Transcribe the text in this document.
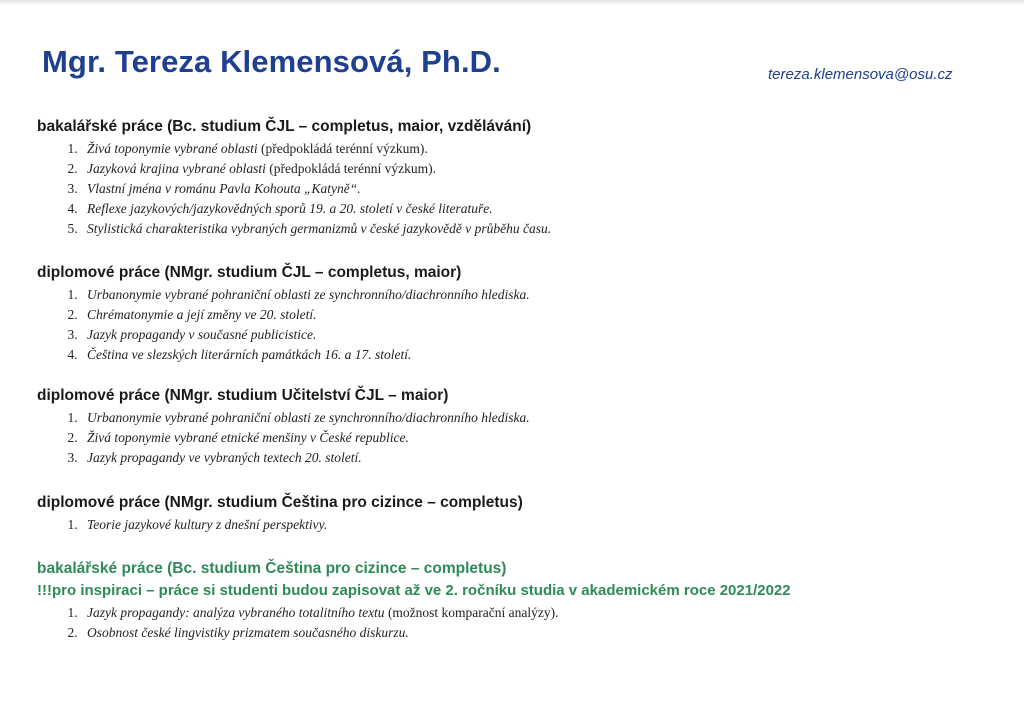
Mgr. Tereza Klemensová, Ph.D.	tereza.klemensova@osu.cz
bakalářské práce (Bc. studium ČJL – completus, maior, vzdělávání)
1. Živá toponymie vybrané oblasti (předpokládá terénní výzkum).
2. Jazyková krajina vybrané oblasti (předpokládá terénní výzkum).
3. Vlastní jména v románu Pavla Kohouta „Katyně“.
4. Reflexe jazykových/jazykovědných sporů 19. a 20. století v české literatuře.
5. Stylistická charakteristika vybraných germanizmů v české jazykovědě v průběhu času.
diplomové práce (NMgr. studium ČJL – completus, maior)
1. Urbanonymie vybrané pohraniční oblasti ze synchronního/diachronního hlediska.
2. Chrématonymie a její změny ve 20. století.
3. Jazyk propagandy v současné publicistice.
4. Čeština ve slezských literárních památkách 16. a 17. století.
diplomové práce (NMgr. studium Učitelství ČJL – maior)
1. Urbanonymie vybrané pohraniční oblasti ze synchronního/diachronního hlediska.
2. Živá toponymie vybrané etnické menšiny v České republice.
3. Jazyk propagandy ve vybraných textech 20. století.
diplomové práce (NMgr. studium Čeština pro cizince – completus)
1. Teorie jazykové kultury z dnešní perspektivy.
bakalářské práce (Bc. studium Čeština pro cizince – completus)
!!!pro inspiraci – práce si studenti budou zapisovat až ve 2. ročníku studia v akademickém roce 2021/2022
1. Jazyk propagandy: analýza vybraného totalitního textu (možnost komparační analýzy).
2. Osobnost české lingvistiky prizmatem současného diskurzu.
